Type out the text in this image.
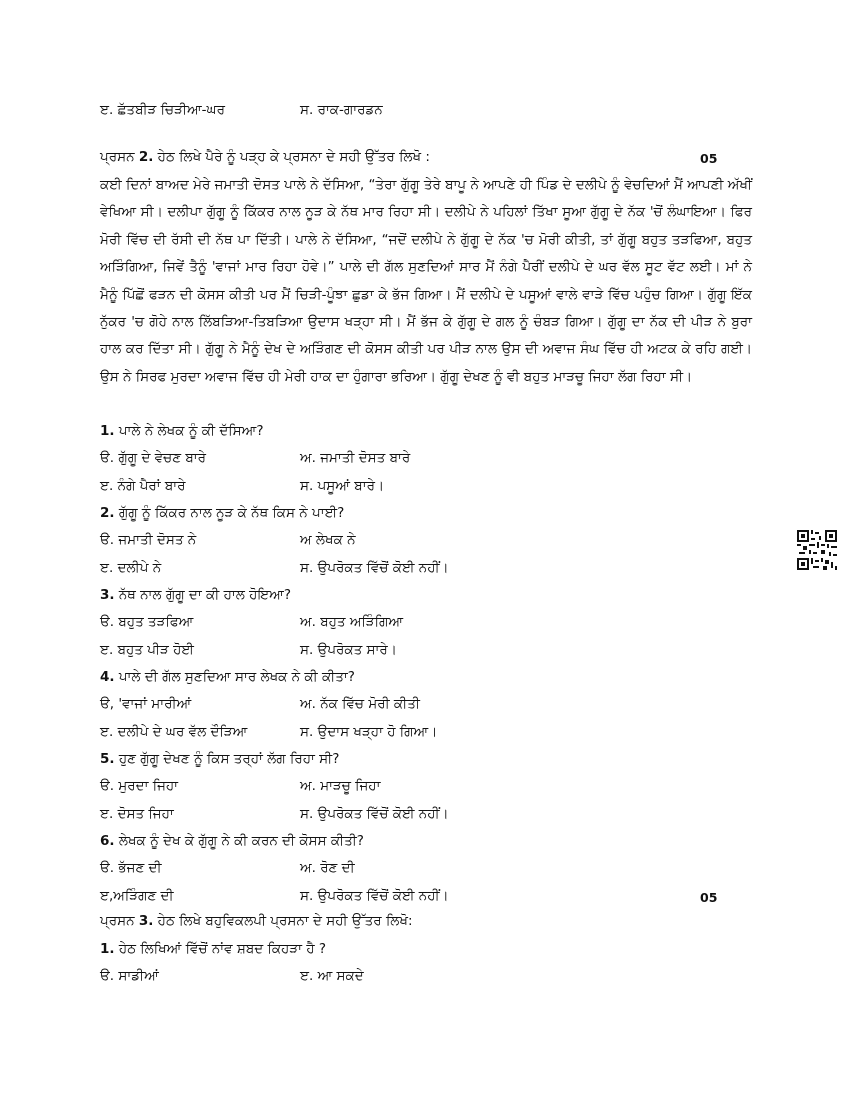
ੲ. ਛੱਤਬੀੜ ਚਿੜੀਆ-ਘਰ	ਸ. ਰਾਕ-ਗਾਰਡਨ
ਪ੍ਰਸਨ 2. ਹੇਠ ਲਿਖੇ ਪੈਰੇ ਨੂੰ ਪੜ੍ਹ ਕੇ ਪ੍ਰਸਨਾ ਦੇ ਸਹੀ ਉੱਤਰ ਲਿਖੋ :	05
ਕਈ ਦਿਨਾਂ ਬਾਅਦ ਮੇਰੇ ਜਮਾਤੀ ਦੋਸਤ ਪਾਲੇ ਨੇ ਦੱਸਿਆ, “ਤੇਰਾ ਗੁੱਗੂ ਤੇਰੇ ਬਾਪੂ ਨੇ ਆਪਣੇ ਹੀ ਪਿੰਡ ਦੇ ਦਲੀਪੇ ਨੂੰ ਵੇਚਦਿਆਂ ਮੈਂ ਆਪਣੀ ਅੱਖੀਂ ਵੇਖਿਆ ਸੀ। ਦਲੀਪਾ ਗੁੱਗੂ ਨੂੰ ਕਿੱਕਰ ਨਾਲ ਨੂੜ ਕੇ ਨੱਥ ਮਾਰ ਰਿਹਾ ਸੀ। ਦਲੀਪੇ ਨੇ ਪਹਿਲਾਂ ਤਿੱਖਾ ਸੂਆ ਗੁੱਗੂ ਦੇ ਨੱਕ 'ਚੋਂ ਲੰਘਾਇਆ। ਫਿਰ ਮੋਰੀ ਵਿੱਚ ਦੀ ਰੱਸੀ ਦੀ ਨੱਥ ਪਾ ਦਿੱਤੀ। ਪਾਲੇ ਨੇ ਦੱਸਿਆ, “ਜਦੋਂ ਦਲੀਪੇ ਨੇ ਗੁੱਗੂ ਦੇ ਨੱਕ 'ਚ ਮੋਰੀ ਕੀਤੀ, ਤਾਂ ਗੁੱਗੂ ਬਹੁਤ ਤੜਫਿਆ, ਬਹੁਤ ਅੜਿੰਗਿਆ, ਜਿਵੇਂ ਤੈਨੂੰ 'ਵਾਜਾਂ ਮਾਰ ਰਿਹਾ ਹੋਵੇ।” ਪਾਲੇ ਦੀ ਗੱਲ ਸੁਣਦਿਆਂ ਸਾਰ ਮੈਂ ਨੰਗੇ ਪੈਰੀਂ ਦਲੀਪੇ ਦੇ ਘਰ ਵੱਲ ਸੂਟ ਵੱਟ ਲਈ। ਮਾਂ ਨੇ ਮੈਨੂੰ ਪਿੱਛੋਂ ਫੜਨ ਦੀ ਕੋਸਸ ਕੀਤੀ ਪਰ ਮੈਂ ਚਿੜੀ-ਪੂੰਝਾ ਛੁਡਾ ਕੇ ਭੱਜ ਗਿਆ। ਮੈਂ ਦਲੀਪੇ ਦੇ ਪਸੂਆਂ ਵਾਲੇ ਵਾੜੇ ਵਿੱਚ ਪਹੁੰਚ ਗਿਆ। ਗੁੱਗੂ ਇੱਕ ਨੁੱਕਰ 'ਚ ਗੋਹੇ ਨਾਲ ਲਿੱਬੜਿਆ-ਤਿਬੜਿਆ ਉਦਾਸ ਖੜ੍ਹਾ ਸੀ। ਮੈਂ ਭੱਜ ਕੇ ਗੁੱਗੂ ਦੇ ਗਲ ਨੂੰ ਚੰਬੜ ਗਿਆ। ਗੁੱਗੂ ਦਾ ਨੱਕ ਦੀ ਪੀੜ ਨੇ ਬੁਰਾ ਹਾਲ ਕਰ ਦਿੱਤਾ ਸੀ। ਗੁੱਗੂ ਨੇ ਮੈਨੂੰ ਦੇਖ ਦੇ ਅੜਿੰਗਣ ਦੀ ਕੋਸਸ ਕੀਤੀ ਪਰ ਪੀੜ ਨਾਲ ਉਸ ਦੀ ਅਵਾਜ ਸੰਘ ਵਿੱਚ ਹੀ ਅਟਕ ਕੇ ਰਹਿ ਗਈ। ਉਸ ਨੇ ਸਿਰਫ ਮੁਰਦਾ ਅਵਾਜ ਵਿੱਚ ਹੀ ਮੇਰੀ ਹਾਕ ਦਾ ਹੁੰਗਾਰਾ ਭਰਿਆ। ਗੁੱਗੂ ਦੇਖਣ ਨੂੰ ਵੀ ਬਹੁਤ ਮਾੜਚੂ ਜਿਹਾ ਲੱਗ ਰਿਹਾ ਸੀ।
1. ਪਾਲੇ ਨੇ ਲੇਖਕ ਨੂੰ ਕੀ ਦੱਸਿਆ?
ੳ. ਗੁੱਗੂ ਦੇ ਵੇਚਣ ਬਾਰੇ	ਅ. ਜਮਾਤੀ ਦੋਸਤ ਬਾਰੇ
ੲ. ਨੰਗੇ ਪੈਰਾਂ ਬਾਰੇ	ਸ. ਪਸੂਆਂ ਬਾਰੇ।
2. ਗੁੱਗੂ ਨੂੰ ਕਿੱਕਰ ਨਾਲ ਨੂੜ ਕੇ ਨੱਥ ਕਿਸ ਨੇ ਪਾਈ?
ੳ. ਜਮਾਤੀ ਦੋਸਤ ਨੇ	ਅ ਲੇਖਕ ਨੇ
ੲ. ਦਲੀਪੇ ਨੇ	ਸ. ਉਪਰੋਕਤ ਵਿੱਚੋਂ ਕੋਈ ਨਹੀਂ।
3. ਨੱਥ ਨਾਲ ਗੁੱਗੂ ਦਾ ਕੀ ਹਾਲ ਹੋਇਆ?
ੳ. ਬਹੁਤ ਤੜਫਿਆ	ਅ. ਬਹੁਤ ਅੜਿੰਗਿਆ
ੲ. ਬਹੁਤ ਪੀੜ ਹੋਈ	ਸ. ਉਪਰੋਕਤ ਸਾਰੇ।
4. ਪਾਲੇ ਦੀ ਗੱਲ ਸੁਣਦਿਆ ਸਾਰ ਲੇਖਕ ਨੇ ਕੀ ਕੀਤਾ?
ੳ, 'ਵਾਜਾਂ ਮਾਰੀਆਂ	ਅ. ਨੱਕ ਵਿੱਚ ਮੋਰੀ ਕੀਤੀ
ੲ. ਦਲੀਪੇ ਦੇ ਘਰ ਵੱਲ ਦੌੜਿਆ	ਸ. ਉਦਾਸ ਖੜ੍ਹਾ ਹੋ ਗਿਆ।
5. ਹੁਣ ਗੁੱਗੂ ਦੇਖਣ ਨੂੰ ਕਿਸ ਤਰ੍ਹਾਂ ਲੱਗ ਰਿਹਾ ਸੀ?
ੳ. ਮੁਰਦਾ ਜਿਹਾ	ਅ. ਮਾੜਚੂ ਜਿਹਾ
ੲ. ਦੋਸਤ ਜਿਹਾ	ਸ. ਉਪਰੋਕਤ ਵਿੱਚੋਂ ਕੋਈ ਨਹੀਂ।
6. ਲੇਖਕ ਨੂੰ ਦੇਖ ਕੇ ਗੁੱਗੂ ਨੇ ਕੀ ਕਰਨ ਦੀ ਕੋਸਸ ਕੀਤੀ?
ੳ. ਭੱਜਣ ਦੀ	ਅ. ਰੋਣ ਦੀ
ੲ,ਅੜਿੰਗਣ ਦੀ	ਸ. ਉਪਰੋਕਤ ਵਿੱਚੋਂ ਕੋਈ ਨਹੀਂ।	05
ਪ੍ਰਸਨ 3. ਹੇਠ ਲਿਖੇ ਬਹੁਵਿਕਲਪੀ ਪ੍ਰਸਨਾ ਦੇ ਸਹੀ ਉੱਤਰ ਲਿਖੋ:
1. ਹੇਠ ਲਿਖਿਆਂ ਵਿੱਚੋਂ ਨਾਂਵ ਸ਼ਬਦ ਕਿਹੜਾ ਹੈ ?
ੳ. ਸਾਡੀਆਂ	ੲ. ਆ ਸਕਦੇ
